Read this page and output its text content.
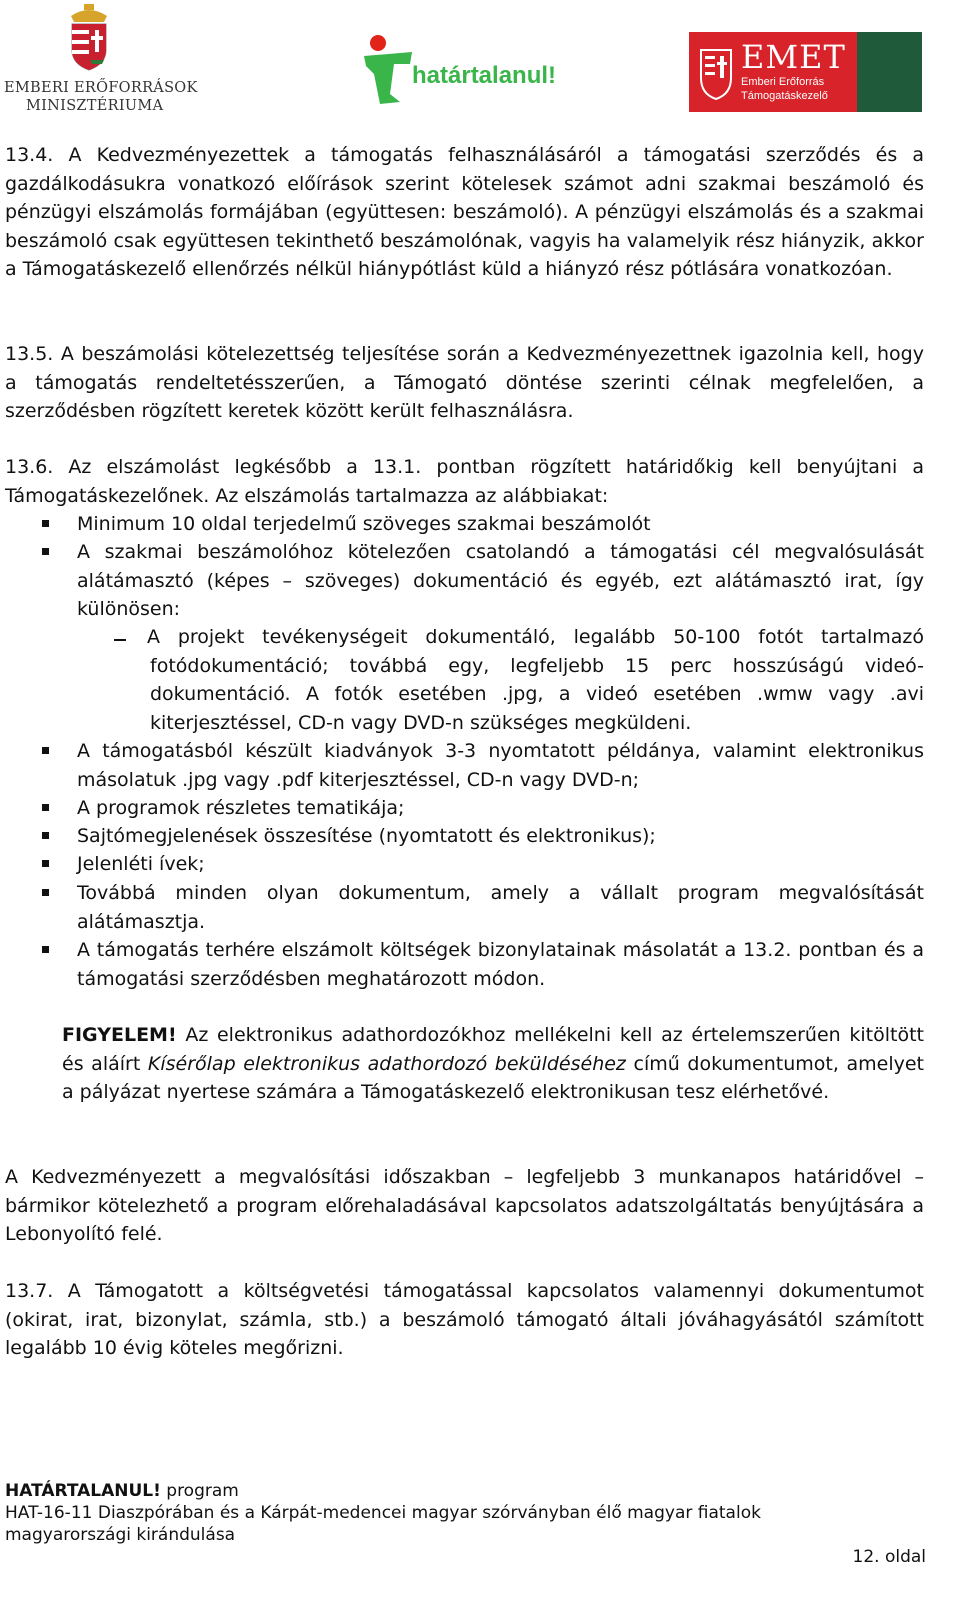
EMBERI ERŐFORRÁSOK
MINISZTÉRIUMA
határtalanul!	EMET
Emberi Erőforrás
Támogatáskezelő
13.4. A Kedvezményezettek a támogatás felhasználásáról a támogatási szerződés és a gazdálkodásukra vonatkozó előírások szerint kötelesek számot adni szakmai beszámoló és pénzügyi elszámolás formájában (együttesen: beszámoló). A pénzügyi elszámolás és a szakmai beszámoló csak együttesen tekinthető beszámolónak, vagyis ha valamelyik rész hiányzik, akkor a Támogatáskezelő ellenőrzés nélkül hiánypótlást küld a hiányzó rész pótlására vonatkozóan.
13.5. A beszámolási kötelezettség teljesítése során a Kedvezményezettnek igazolnia kell, hogy a támogatás rendeltetésszerűen, a Támogató döntése szerinti célnak megfelelően, a szerződésben rögzített keretek között került felhasználásra.
13.6. Az elszámolást legkésőbb a 13.1. pontban rögzített határidőkig kell benyújtani a Támogatáskezelőnek. Az elszámolás tartalmazza az alábbiakat:
Minimum 10 oldal terjedelmű szöveges szakmai beszámolót
A szakmai beszámolóhoz kötelezően csatolandó a támogatási cél megvalósulását alátámasztó (képes – szöveges) dokumentáció és egyéb, ezt alátámasztó irat, így különösen:
A projekt tevékenységeit dokumentáló, legalább 50-100 fotót tartalmazó fotódokumentáció; továbbá egy, legfeljebb 15 perc hosszúságú videó-dokumentáció. A fotók esetében .jpg, a videó esetében .wmw vagy .avi kiterjesztéssel, CD-n vagy DVD-n szükséges megküldeni.
A támogatásból készült kiadványok 3-3 nyomtatott példánya, valamint elektronikus másolatuk .jpg vagy .pdf kiterjesztéssel, CD-n vagy DVD-n;
A programok részletes tematikája;
Sajtómegjelenések összesítése (nyomtatott és elektronikus);
Jelenléti ívek;
Továbbá minden olyan dokumentum, amely a vállalt program megvalósítását alátámasztja.
A támogatás terhére elszámolt költségek bizonylatainak másolatát a 13.2. pontban és a támogatási szerződésben meghatározott módon.
FIGYELEM! Az elektronikus adathordozókhoz mellékelni kell az értelemszerűen kitöltött és aláírt Kísérőlap elektronikus adathordozó beküldéséhez című dokumentumot, amelyet a pályázat nyertese számára a Támogatáskezelő elektronikusan tesz elérhetővé.
A Kedvezményezett a megvalósítási időszakban – legfeljebb 3 munkanapos határidővel – bármikor kötelezhető a program előrehaladásával kapcsolatos adatszolgáltatás benyújtására a Lebonyolító felé.
13.7. A Támogatott a költségvetési támogatással kapcsolatos valamennyi dokumentumot (okirat, irat, bizonylat, számla, stb.) a beszámoló támogató általi jóváhagyásától számított legalább 10 évig köteles megőrizni.
HATÁRTALANUL! program
HAT-16-11 Diaszpórában és a Kárpát-medencei magyar szórványban élő magyar fiatalok
magyarországi kirándulása
12. oldal
